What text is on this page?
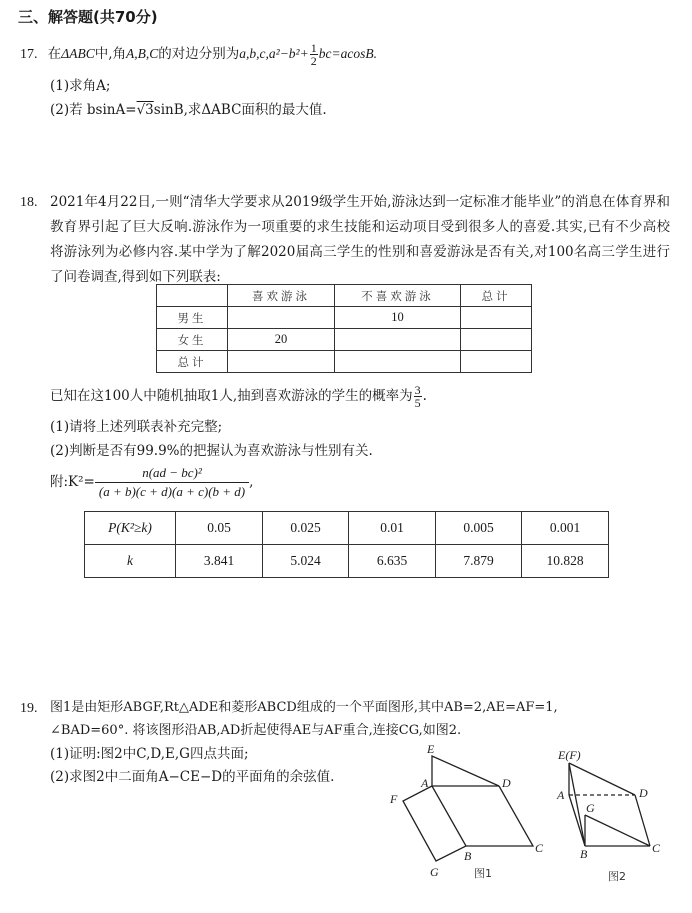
三、解答题(共70分)
17. 在ΔABC中,角A,B,C的对边分别为$a,b,c,a^2-b^2+ \frac{1}{2} bc=acosB$.
(1)求角A;
(2)若 bsinA=√3sinB,求ΔABC面积的最大值.
18. 2021年4月22日,一则“清华大学要求从2019级学生开始,游泳达到一定标准才能毕业”的消息在体育界和教育界引起了巨大反响.游泳作为一项重要的求生技能和运动项目受到很多人的喜爱.其实,已有不少高校将游泳列为必修内容.某中学为了解2020届高三学生的性别和喜爱游泳是否有关,对100名高三学生进行了问卷调查,得到如下列联表:
	喜欢游泳	不喜欢游泳	总计
男生		10	
女生	20		
总计			
已知在这100人中随机抽取1人,抽到喜欢游泳的学生的概率为 $\frac{3}{5}$ .
(1)请将上述列联表补充完整;
(2)判断是否有99.9%的把握认为喜欢游泳与性别有关.
附:K²= $\frac{\text{n(ad − bc)²}}{(a + b)(c + d)(a + c)(b + d)}$ ,
P(K²≥k)	0.05	0.025	0.01	0.005	0.001
k	3.841	5.024	6.635	7.879	10.828
19. 图1是由矩形ABGF,Rt△ADE和菱形ABCD组成的一个平面图形,其中AB=2,AE=AF=1,
∠BAD=60°. 将该图形沿AB,AD折起使得AE与AF重合,连接CG,如图2.
(1)证明:图2中C,D,E,G四点共面;
(2)求图2中二面角A−CE−D的平面角的余弦值.
E
A	D
F
G
B
C
图1
E(F)
A	D
G
B	C
图2
